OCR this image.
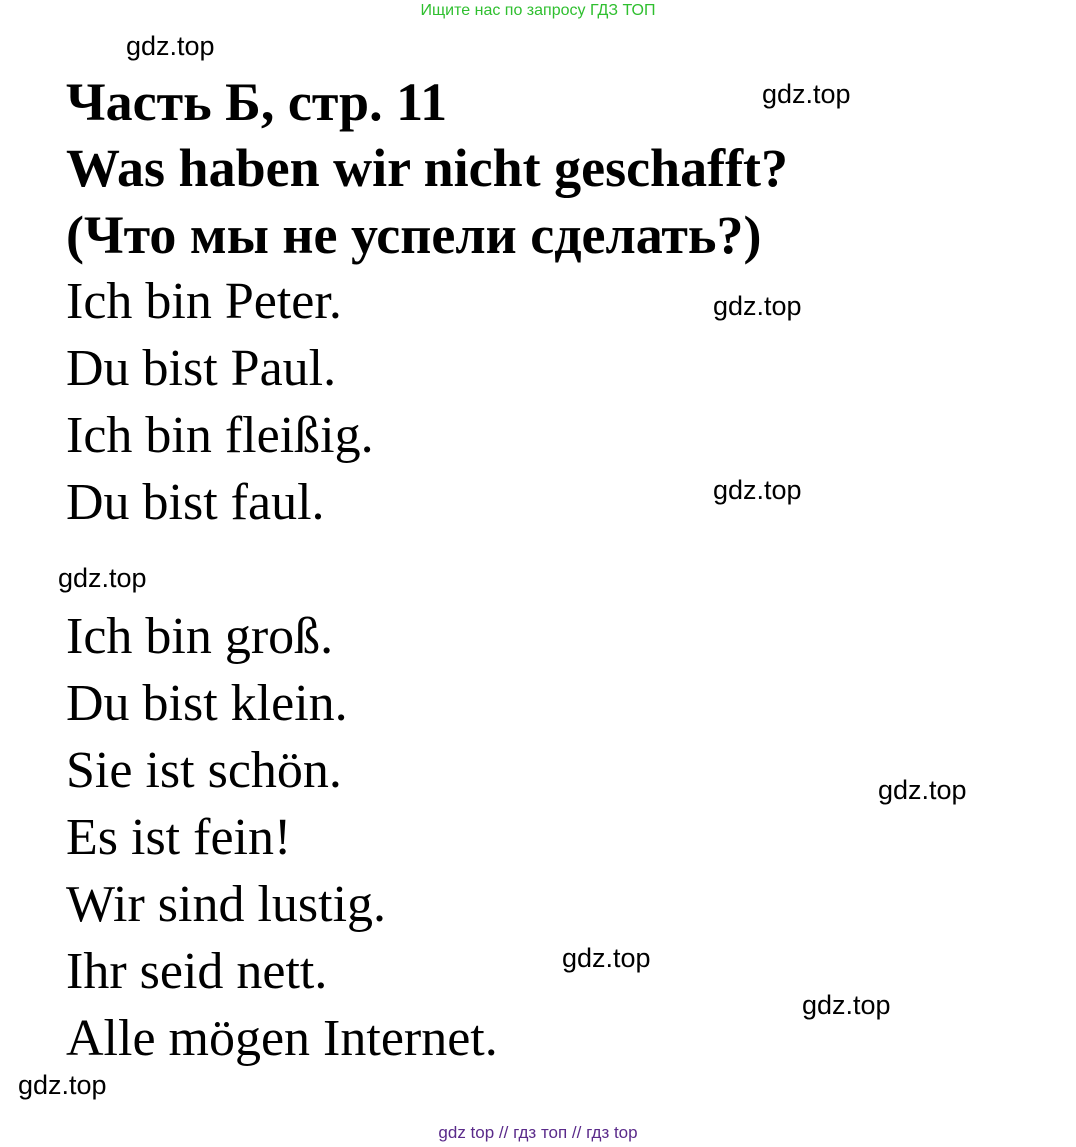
Ищите нас по запросу ГДЗ ТОП
gdz.top
gdz.top
gdz.top
gdz.top
gdz.top
gdz.top
gdz.top
gdz.top
gdz.top
Часть Б, стр. 11
Was haben wir nicht geschafft?
(Что мы не успели сделать?)
Ich bin Peter.
Du bist Paul.
Ich bin fleißig.
Du bist faul.
Ich bin groß.
Du bist klein.
Sie ist schön.
Es ist fein!
Wir sind lustig.
Ihr seid nett.
Alle mögen Internet.
gdz top // гдз топ // гдз top
